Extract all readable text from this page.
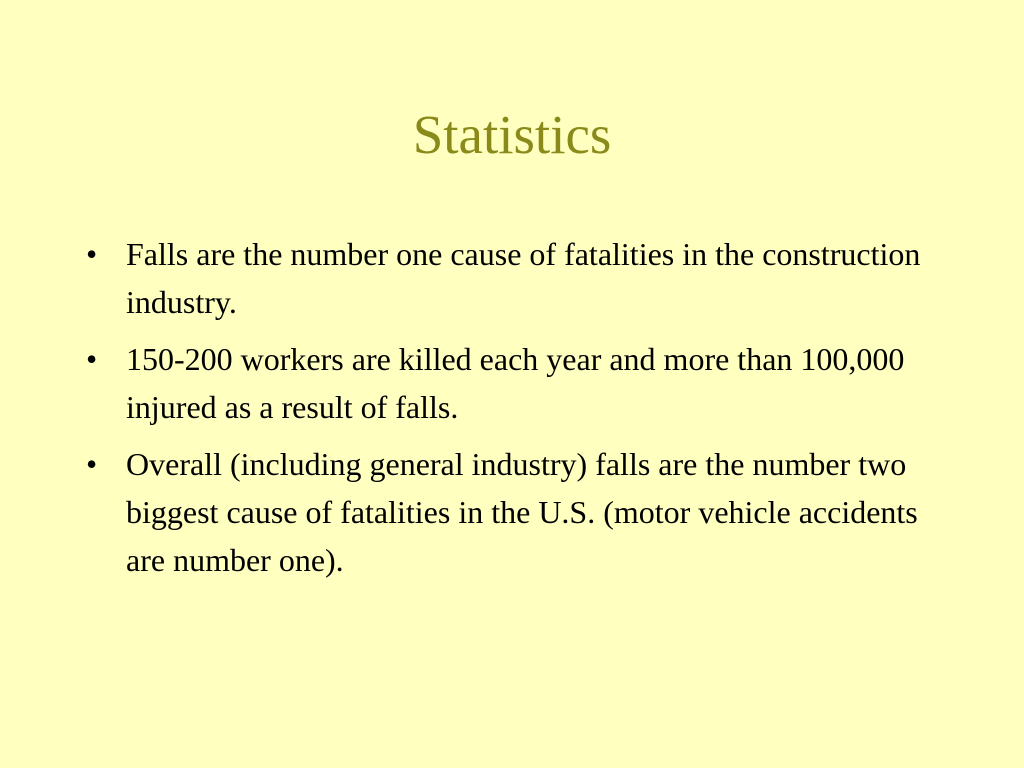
Statistics
• Falls are the number one cause of fatalities in the construction industry.
• 150-200 workers are killed each year and more than 100,000 injured as a result of falls.
• Overall (including general industry) falls are the number two biggest cause of fatalities in the U.S. (motor vehicle accidents are number one).
